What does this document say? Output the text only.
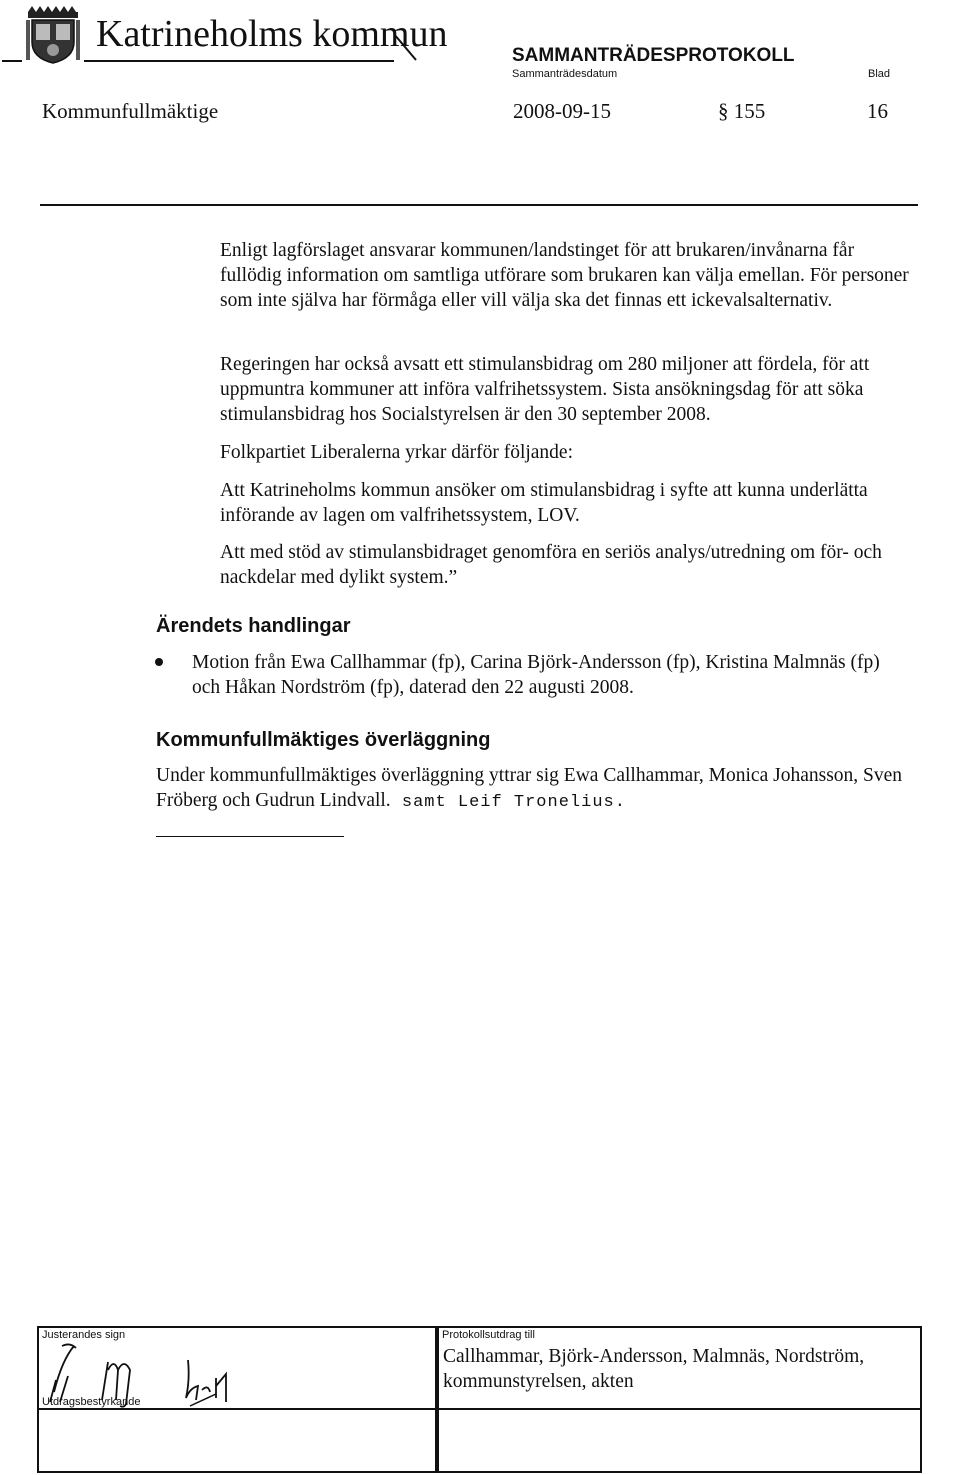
Katrineholms kommun
SAMMANTRÄDESPROTOKOLL
Sammanträdesdatum	Blad
Kommunfullmäktige	2008-09-15	§ 155	16

Enligt lagförslaget ansvarar kommunen/landstinget för att brukaren/invånarna får fullödig information om samtliga utförare som brukaren kan välja emellan. För personer som inte själva har förmåga eller vill välja ska det finnas ett ickevalsalternativ.

Regeringen har också avsatt ett stimulansbidrag om 280 miljoner att fördela, för att uppmuntra kommuner att införa valfrihetssystem. Sista ansökningsdag för att söka stimulansbidrag hos Socialstyrelsen är den 30 september 2008.

Folkpartiet Liberalerna yrkar därför följande:

Att Katrineholms kommun ansöker om stimulansbidrag i syfte att kunna underlätta införande av lagen om valfrihetssystem, LOV.

Att med stöd av stimulansbidraget genomföra en seriös analys/utredning om för- och nackdelar med dylikt system.”

Ärendets handlingar

Motion från Ewa Callhammar (fp), Carina Björk-Andersson (fp), Kristina Malmnäs (fp) och Håkan Nordström (fp), daterad den 22 augusti 2008.

Kommunfullmäktiges överläggning

Under kommunfullmäktiges överläggning yttrar sig Ewa Callhammar, Monica Johansson, Sven Fröberg och Gudrun Lindvall. samt Leif Tronelius.

Justerandes sign
Utdragsbestyrkande
Protokollsutdrag till

Callhammar, Björk-Andersson, Malmnäs, Nordström, kommunstyrelsen, akten
